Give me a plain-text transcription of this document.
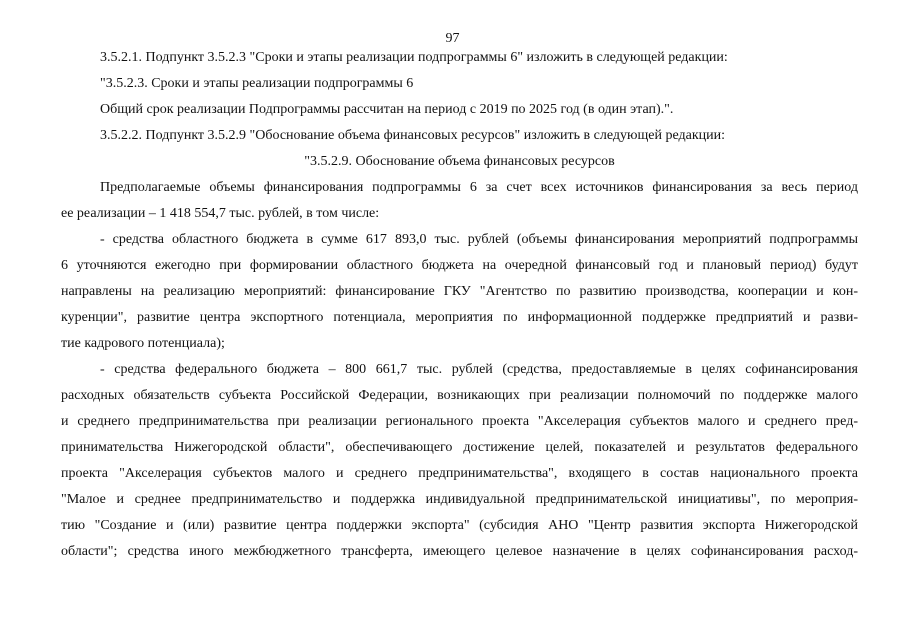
97
3.5.2.1. Подпункт 3.5.2.3 "Сроки и этапы реализации подпрограммы 6" изложить в следующей редакции:
"3.5.2.3. Сроки и этапы реализации подпрограммы 6
Общий срок реализации Подпрограммы рассчитан на период с 2019 по 2025 год (в один этап).".
3.5.2.2. Подпункт 3.5.2.9 "Обоснование объема финансовых ресурсов" изложить в следующей редакции:
"3.5.2.9. Обоснование объема финансовых ресурсов
Предполагаемые объемы финансирования подпрограммы 6 за счет всех источников финансирования за весь период
ее реализации – 1 418 554,7 тыс. рублей, в том числе:
- средства областного бюджета в сумме 617 893,0 тыс. рублей (объемы финансирования мероприятий подпрограммы
6 уточняются ежегодно при формировании областного бюджета на очередной финансовый год и плановый период) будут
направлены на реализацию мероприятий: финансирование ГКУ "Агентство по развитию производства, кооперации и кон-
куренции", развитие центра экспортного потенциала, мероприятия по информационной поддержке предприятий и разви-
тие кадрового потенциала);
- средства федерального бюджета – 800 661,7 тыс. рублей (средства, предоставляемые в целях софинансирования
расходных обязательств субъекта Российской Федерации, возникающих при реализации полномочий по поддержке малого
и среднего предпринимательства при реализации регионального проекта "Акселерация субъектов малого и среднего пред-
принимательства Нижегородской области", обеспечивающего достижение целей, показателей и результатов федерального
проекта "Акселерация субъектов малого и среднего предпринимательства", входящего в состав национального проекта
"Малое и среднее предпринимательство и поддержка индивидуальной предпринимательской инициативы", по мероприя-
тию "Создание и (или) развитие центра поддержки экспорта" (субсидия АНО "Центр развития экспорта Нижегородской
области"; средства иного межбюджетного трансферта, имеющего целевое назначение в целях софинансирования расход-
